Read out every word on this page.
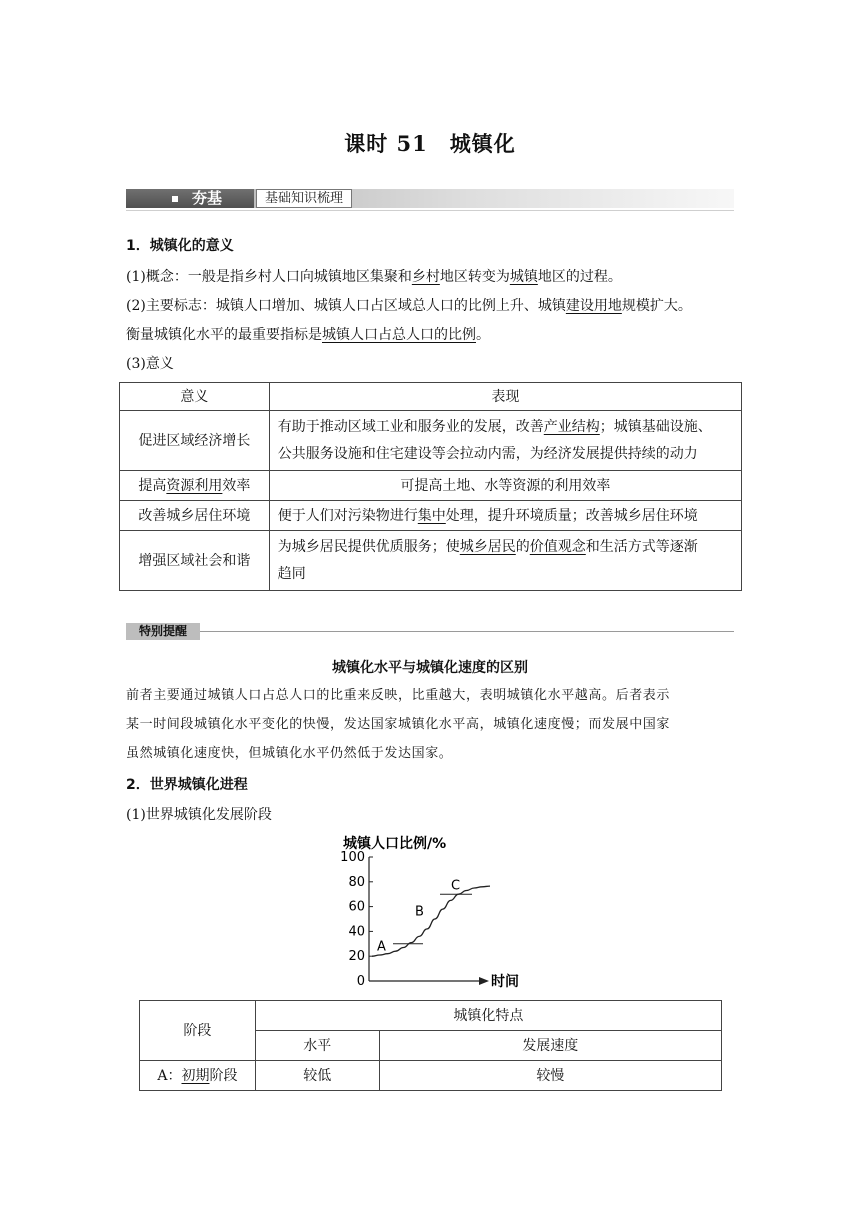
课时 51 城镇化
夯基	基础知识梳理
1．城镇化的意义
(1)概念：一般是指乡村人口向城镇地区集聚和乡村地区转变为城镇地区的过程。
(2)主要标志：城镇人口增加、城镇人口占区域总人口的比例上升、城镇建设用地规模扩大。
衡量城镇化水平的最重要指标是城镇人口占总人口的比例。
(3)意义
意义	表现
促进区域经济增长	有助于推动区域工业和服务业的发展，改善产业结构；城镇基础设施、
公共服务设施和住宅建设等会拉动内需，为经济发展提供持续的动力
提高资源利用效率	可提高土地、水等资源的利用效率
改善城乡居住环境	便于人们对污染物进行集中处理，提升环境质量；改善城乡居住环境
增强区域社会和谐	为城乡居民提供优质服务；使城乡居民的价值观念和生活方式等逐渐
趋同
特别提醒
城镇化水平与城镇化速度的区别
前者主要通过城镇人口占总人口的比重来反映，比重越大，表明城镇化水平越高。后者表示
某一时间段城镇化水平变化的快慢，发达国家城镇化水平高，城镇化速度慢；而发展中国家
虽然城镇化速度快，但城镇化水平仍然低于发达国家。
2．世界城镇化进程
(1)世界城镇化发展阶段
城镇人口比例/%
时间
0
20
40
60
80
100
A
B
C
阶段	城镇化特点	
	水平	发展速度
A：初期阶段	较低	较慢
